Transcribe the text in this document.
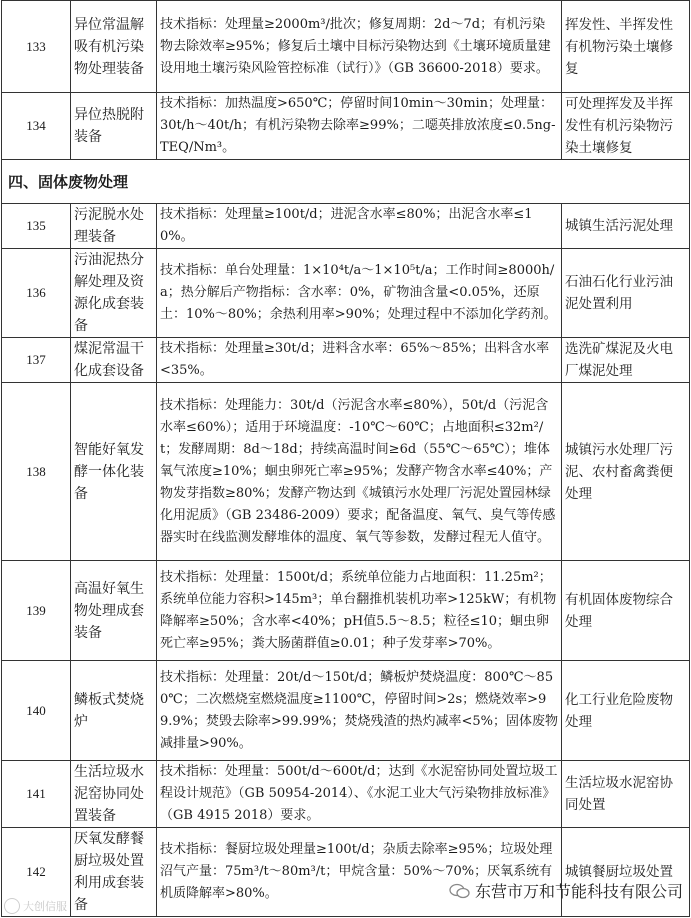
133	异位常温解吸有机污染物处理装备	技术指标：处理量≥2000m³/批次；修复周期：2d～7d；有机污染物去除效率≥95%；修复后土壤中目标污染物达到《土壤环境质量建设用地土壤污染风险管控标准（试行）》（GB 36600-2018）要求。	挥发性、半挥发性有机物污染土壤修复
134	异位热脱附装备	技术指标：加热温度>650℃；停留时间10min～30min；处理量：30t/h～40t/h；有机污染物去除率≥99%；二噁英排放浓度≤0.5ng-TEQ/Nm³。	可处理挥发及半挥发性有机污染物污染土壤修复
四、固体废物处理			
135	污泥脱水处理装备	技术指标：处理量≥100t/d；进泥含水率≤80%；出泥含水率≤10%。	城镇生活污泥处理
136	污油泥热分解处理及资源化成套装备	技术指标：单台处理量：1×10⁴t/a～1×10⁵t/a；工作时间≥8000h/a；热分解后产物指标：含水率：0%，矿物油含量<0.05%，还原土：10%～80%；余热利用率>90%；处理过程中不添加化学药剂。	石油石化行业污油泥处置利用
137	煤泥常温干化成套设备	技术指标：处理量≥30t/d；进料含水率：65%～85%；出料含水率<35%。	选洗矿煤泥及火电厂煤泥处理
138	智能好氧发酵一体化装备	技术指标：处理能力：30t/d（污泥含水率≤80%），50t/d（污泥含水率≤60%）；适用于环境温度：-10℃～60℃；占地面积≤32m²/t；发酵周期：8d～18d；持续高温时间≥6d（55℃～65℃）；堆体氧气浓度≥10%；蛔虫卵死亡率≥95%；发酵产物含水率≤40%；产物发芽指数≥80%；发酵产物达到《城镇污水处理厂污泥处置园林绿化用泥质》（GB 23486-2009）要求；配备温度、氧气、臭气等传感器实时在线监测发酵堆体的温度、氧气等参数，发酵过程无人值守。	城镇污水处理厂污泥、农村畜禽粪便处理
139	高温好氧生物处理成套装备	技术指标：处理量：1500t/d；系统单位能力占地面积：11.25m²；系统单位能力容积>145m³；单台翻推机装机功率>125kW；有机物降解率≥50%；含水率<40%；pH值5.5～8.5；粒径≤10；蛔虫卵死亡率≥95%；粪大肠菌群值≥0.01；种子发芽率>70%。	有机固体废物综合处理
140	鳞板式焚烧炉	技术指标：处理量：20t/d～150t/d；鳞板炉焚烧温度：800℃～850℃；二次燃烧室燃烧温度≥1100℃，停留时间>2s；燃烧效率>99.9%；焚毁去除率>99.99%；焚烧残渣的热灼减率<5%；固体废物减排量>90%。	化工行业危险废物处理
141	生活垃圾水泥窑协同处置装备	技术指标：处理量：500t/d～600t/d；达到《水泥窑协同处置垃圾工程设计规范》（GB 50954-2014）、《水泥工业大气污染物排放标准》（GB 4915 2018）要求。	生活垃圾水泥窑协同处置
142	厌氧发酵餐厨垃圾处置利用成套装备	技术指标：餐厨垃圾处理量≥100t/d；杂质去除率≥95%；垃圾处理沼气产量：75m³/t～80m³/t；甲烷含量：50%～70%；厌氧系统有机质降解率>80%。	城镇餐厨垃圾处置
大创信服
东营市万和节能科技有限公司
